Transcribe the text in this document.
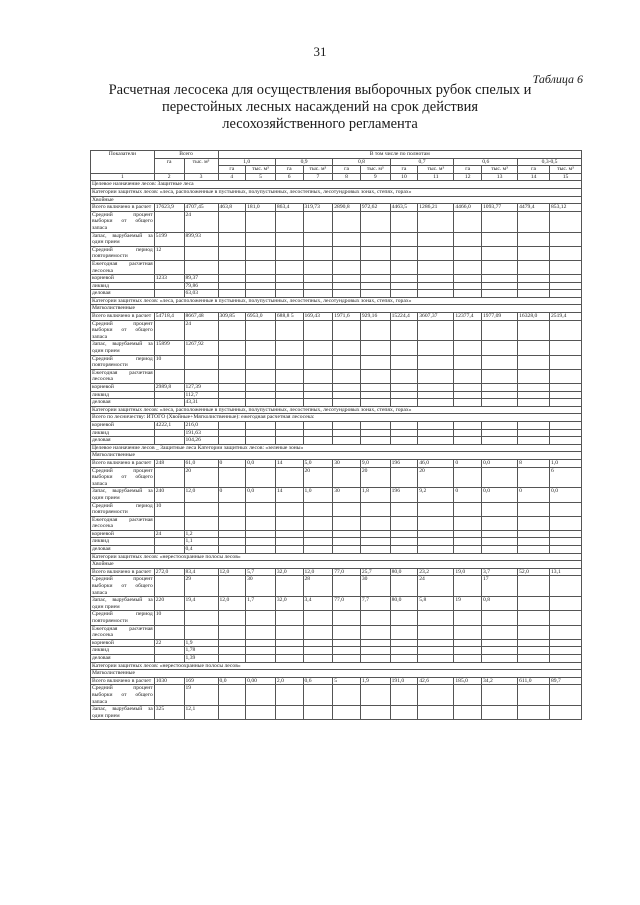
31
Таблица 6
Расчетная лесосека для осуществления выборочных рубок спелых и перестойных лесных насаждений на срок действия лесохозяйственного регламента
Показатели	Всего		В том числе по полнотам											
	га	тыс. м³	1,0		0,9		0,8		0,7		0,6		0,3-0,5	
			га	тыс. м³	га	тыс. м³	га	тыс. м³	га	тыс. м³	га	тыс. м³	га	тыс. м³
1	2	3	4	5	6	7	8	9	10	11	12	13	14	15
Целевое назначение лесов: Защитные леса														
Категории защитных лесов: «леса, расположенные в пустынных, полупустынных, лесостепных, лесотундровых зонах, степях, горах»														
Хвойные														
Всего включено в расчет	17623,9	4707,45	463,8	181,0	863,4	319,73	2890,8	972,62	4463,5	1286,21	4466,0	1093,77	4479,4	853,12
Средний процент выборки от общего запаса		24												
Запас, вырубаемый за один прием	5199	899,93												
Средний период повторяемости	12													
Ежегодная расчетная лесосека														
корневой	1233	89,37												
ликвид		79,86												
деловая		63,03												
Категории защитных лесов: «леса, расположенные в пустынных, полупустынных, лесостепных, лесотундровых зонах, степях, горах»														
Мягколиственные														
Всего включено в расчет	54718,4	8667,48	309,85	6953,0	688,8 5	169,43	1971,6	929,16	15224,4	3607,37	12377,4	1977,09	16328,0	2519,4
Средний процент выборки от общего запаса		24												
Запас, вырубаемый за один прием	15899	1267,92												
Средний период повторяемости	10													
Ежегодная расчетная лесосека														
корневой	2989,8	127,39												
ликвид		112,7												
деловая		43,31												
Категории защитных лесов: «леса, расположенные в пустынных, полупустынных, лесостепных, лесотундровых зонах, степях, горах»														
Всего по лесничеству: ИТОГО (Хвойные+Мягколиственные): ежегодная расчетная лесосека:														
корневой	4222,1	216,0												
ликвид		191,63												
деловая		104,26												
Целевое назначение лесов _ Защитные леса Категории защитных лесов: «зеленые зоны»														
Мягколиственные														
Всего включено в расчет	248	61,0	0	0,0	14	5,0	30	9,0	196	46,0	0	0,0	8	1,0
Средний процент выборки от общего запаса		20				20		20		20				6
Запас, вырубаемый за один прием	240	12,0	0	0,0	14	1,0	30	1,8	196	9,2	0	0,0	0	0,0
Средний период повторяемости	10													
Ежегодная расчетная лесосека														
корневой	24	1,2												
ликвид		1,1												
деловая		0,4												
Категории защитных лесов: «нерестоохранные полосы лесов»														
Хвойные														
Всего включено в расчет	272,0	83,4	12,0	5,7	32,0	12,0	77,0	25,7	80,0	23,2	19,0	3,7	52,0	13,1
Средний процент выборки от общего запаса		29		30		28		30		24		17		
Запас, вырубаемый за один прием	220	19,4	12,0	1,7	32,0	3,4	77,0	7,7	80,0	5,8	19	0,8		
Средний период повторяемости	10													
Ежегодная расчетная лесосека														
корневой	22	1,9												
ликвид		1,78												
деловая		1,39												
Категории защитных лесов: «нерестоохранные полосы лесов»														
Мягколиственные														
Всего включено в расчет	1030	169	0,0	0,00	2,0	0,6	5	1,9	191,0	42,6	185,0	34,2	611,0	89,7
Средний процент выборки от общего запаса		19												
Запас, вырубаемый за один прием	325	12,1												
